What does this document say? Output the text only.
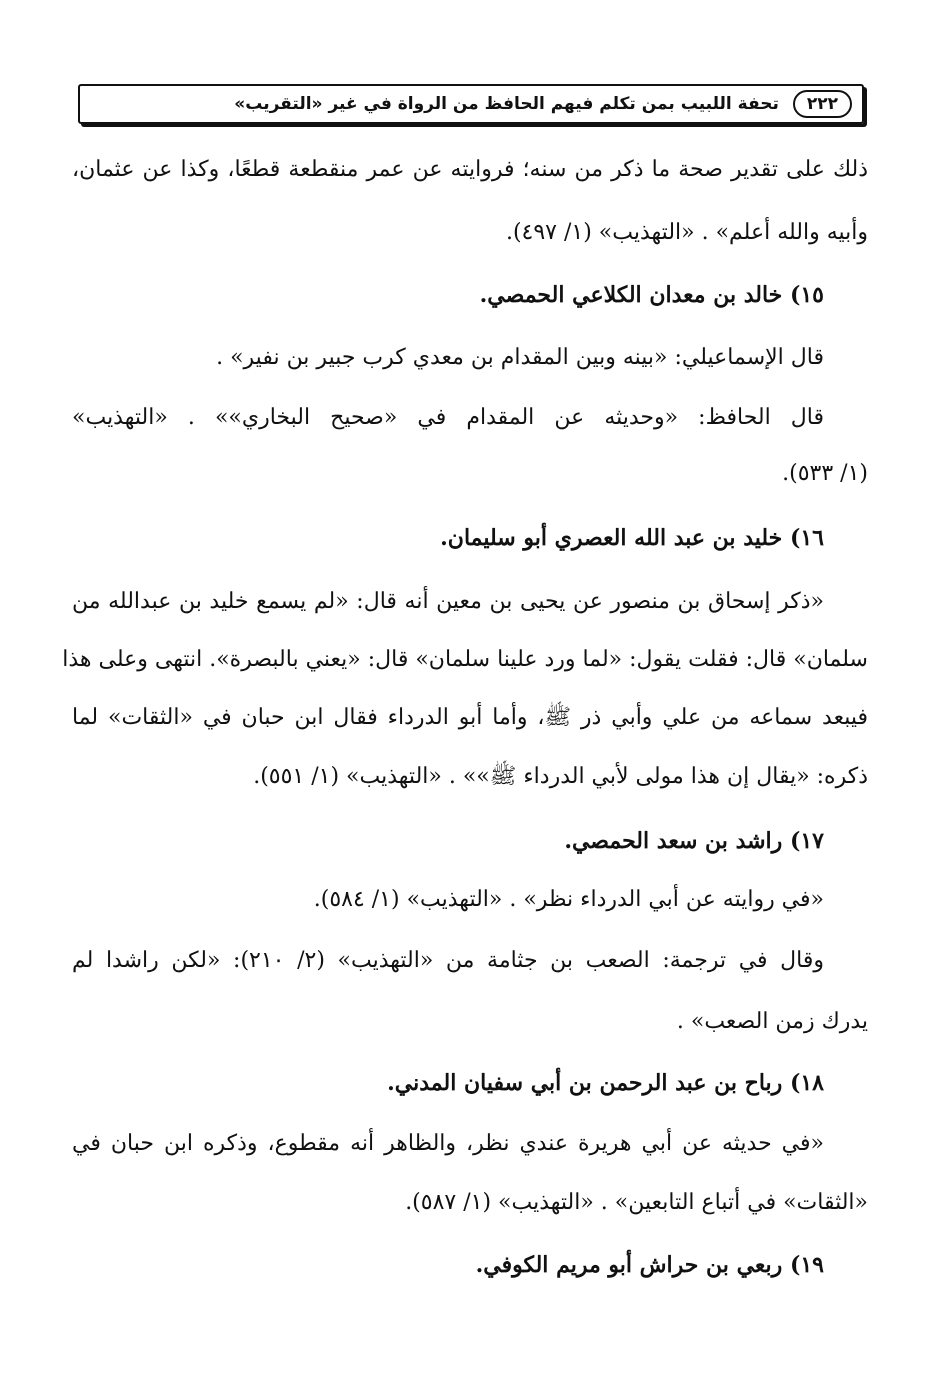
٢٢٢
تحفة اللبيب بمن تكلم فيهم الحافظ من الرواة في غير «التقريب»
ذلك على تقدير صحة ما ذكر من سنه؛ فروايته عن عمر منقطعة قطعًا، وكذا عن عثمان،
وأبيه والله أعلم» . «التهذيب» (١/ ٤٩٧).
١٥) خالد بن معدان الكلاعي الحمصي.
قال الإسماعيلي: «بينه وبين المقدام بن معدي كرب جبير بن نفير» .
قال الحافظ: «وحديثه عن المقدام في «صحيح البخاري»» . «التهذيب»
(١/ ٥٣٣).
١٦) خليد بن عبد الله العصري أبو سليمان.
«ذكر إسحاق بن منصور عن يحيى بن معين أنه قال: «لم يسمع خليد بن عبدالله من
سلمان» قال: فقلت يقول: «لما ورد علينا سلمان» قال: «يعني بالبصرة». انتهى وعلى هذا
فيبعد سماعه من علي وأبي ذر ﷺ، وأما أبو الدرداء فقال ابن حبان في «الثقات» لما
ذكره: «يقال إن هذا مولى لأبي الدرداء ﷺ»» . «التهذيب» (١/ ٥٥١).
١٧) راشد بن سعد الحمصي.
«في روايته عن أبي الدرداء نظر» . «التهذيب» (١/ ٥٨٤).
وقال في ترجمة: الصعب بن جثامة من «التهذيب» (٢/ ٢١٠): «لكن راشدا لم
يدرك زمن الصعب» .
١٨) رباح بن عبد الرحمن بن أبي سفيان المدني.
«في حديثه عن أبي هريرة عندي نظر، والظاهر أنه مقطوع، وذكره ابن حبان في
«الثقات» في أتباع التابعين» . «التهذيب» (١/ ٥٨٧).
١٩) ربعي بن حراش أبو مريم الكوفي.
